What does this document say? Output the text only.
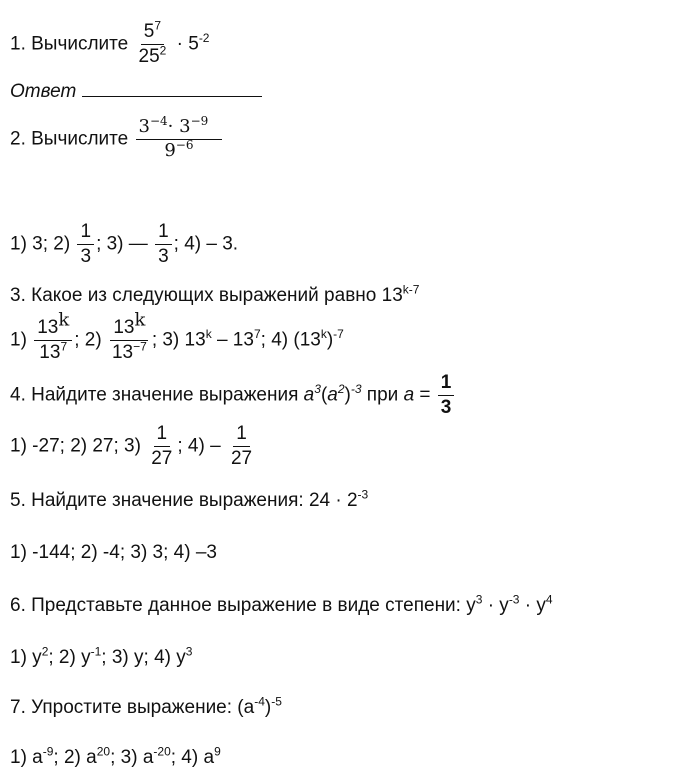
1. Вычислите $\frac{5^7}{25^2} \cdot 5^{-2}$
Ответ
2. Вычислите $\frac{3^{-4}\cdot 3^{-9}}{9^{-6}}$
1) 3; $2) \frac{1}{3}$ ; 3) — $\frac{1}{3}$ ; 4) – 3.
3. Какое из следующих выражений равно 13$^{k-7}$
$1) \frac{13^k}{13^7}$ ; $2) \frac{13^k}{13^{-7}}$ ; 3) $13^k - 13^7$; 4) $(13^k)^{-7}$
4. Найдите значение выражения $a^3(a^2)^{-3}$ при $a = \frac{1}{3}$
1) -27; 2) 27; $3) \frac{1}{27}$ ; $4) - \frac{1}{27}$
5. Найдите значение выражения: $24 \cdot 2^{-3}$
1) -144; 2) -4; 3) 3; 4) –3
6. Представьте данное выражение в виде степени: $y^3 \cdot y^{-3} \cdot y^4$
1) $y^2$; 2) $y^{-1}$; 3) y; 4) $y^3$
7. Упростите выражение: $(a^{-4})^{-5}$
1) $a^{-9}$; 2) $a^{20}$; 3) $a^{-20}$; 4) $a^9$
